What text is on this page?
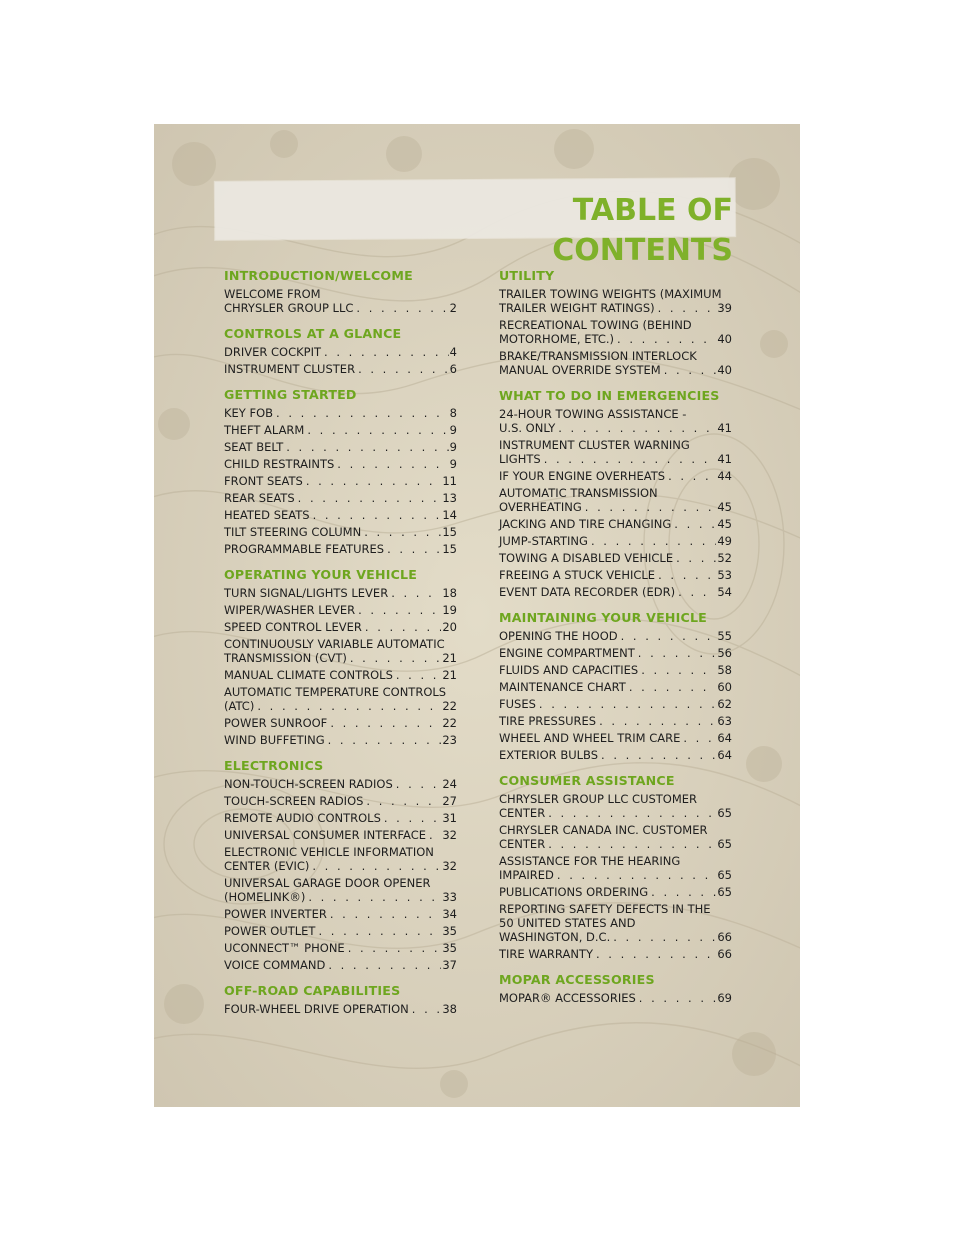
TABLE OF CONTENTS
INTRODUCTION/WELCOME
WELCOME FROM
CHRYSLER GROUP LLC . . .	2
CONTROLS AT A GLANCE
DRIVER COCKPIT . . .	4
INSTRUMENT CLUSTER . . .	6
GETTING STARTED
KEY FOB . . .	8
THEFT ALARM . . .	9
SEAT BELT . . .	9
CHILD RESTRAINTS . . .	9
FRONT SEATS . . .	11
REAR SEATS . . .	13
HEATED SEATS . . .	14
TILT STEERING COLUMN . . .	15
PROGRAMMABLE FEATURES . . .	15
OPERATING YOUR VEHICLE
TURN SIGNAL/LIGHTS LEVER . . .	18
WIPER/WASHER LEVER . . .	19
SPEED CONTROL LEVER . . .	20
CONTINUOUSLY VARIABLE AUTOMATIC
TRANSMISSION (CVT) . . .	21
MANUAL CLIMATE CONTROLS . . .	21
AUTOMATIC TEMPERATURE CONTROLS
(ATC) . . .	22
POWER SUNROOF . . .	22
WIND BUFFETING . . .	23
ELECTRONICS
NON-TOUCH-SCREEN RADIOS . . .	24
TOUCH-SCREEN RADIOS . . .	27
REMOTE AUDIO CONTROLS . . .	31
UNIVERSAL CONSUMER INTERFACE . . . 32
ELECTRONIC VEHICLE INFORMATION
CENTER (EVIC) . . .	32
UNIVERSAL GARAGE DOOR OPENER
(HOMELINK®) . . .	33
POWER INVERTER . . .	34
POWER OUTLET . . .	35
UCONNECT™ PHONE . . .	35
VOICE COMMAND . . .	37
OFF-ROAD CAPABILITIES
FOUR-WHEEL DRIVE OPERATION . . .	38
UTILITY
TRAILER TOWING WEIGHTS (MAXIMUM
TRAILER WEIGHT RATINGS) . . .	39
RECREATIONAL TOWING (BEHIND
MOTORHOME, ETC.) . . .	40
BRAKE/TRANSMISSION INTERLOCK
MANUAL OVERRIDE SYSTEM . . .	40
WHAT TO DO IN EMERGENCIES
24-HOUR TOWING ASSISTANCE -
U.S. ONLY . . .	41
INSTRUMENT CLUSTER WARNING
LIGHTS . . .	41
IF YOUR ENGINE OVERHEATS . . .	44
AUTOMATIC TRANSMISSION
OVERHEATING . . .	45
JACKING AND TIRE CHANGING . . .	45
JUMP-STARTING . . .	49
TOWING A DISABLED VEHICLE . . .	52
FREEING A STUCK VEHICLE . . .	53
EVENT DATA RECORDER (EDR) . . .	54
MAINTAINING YOUR VEHICLE
OPENING THE HOOD . . .	55
ENGINE COMPARTMENT . . .	56
FLUIDS AND CAPACITIES . . .	58
MAINTENANCE CHART . . .	60
FUSES . . .	62
TIRE PRESSURES . . .	63
WHEEL AND WHEEL TRIM CARE . . .	64
EXTERIOR BULBS . . .	64
CONSUMER ASSISTANCE
CHRYSLER GROUP LLC CUSTOMER
CENTER . . .	65
CHRYSLER CANADA INC. CUSTOMER
CENTER . . .	65
ASSISTANCE FOR THE HEARING
IMPAIRED . . .	65
PUBLICATIONS ORDERING . . .	65
REPORTING SAFETY DEFECTS IN THE
50 UNITED STATES AND
WASHINGTON, D.C. . . .	66
TIRE WARRANTY . . .	66
MOPAR ACCESSORIES
MOPAR® ACCESSORIES . . .	69
